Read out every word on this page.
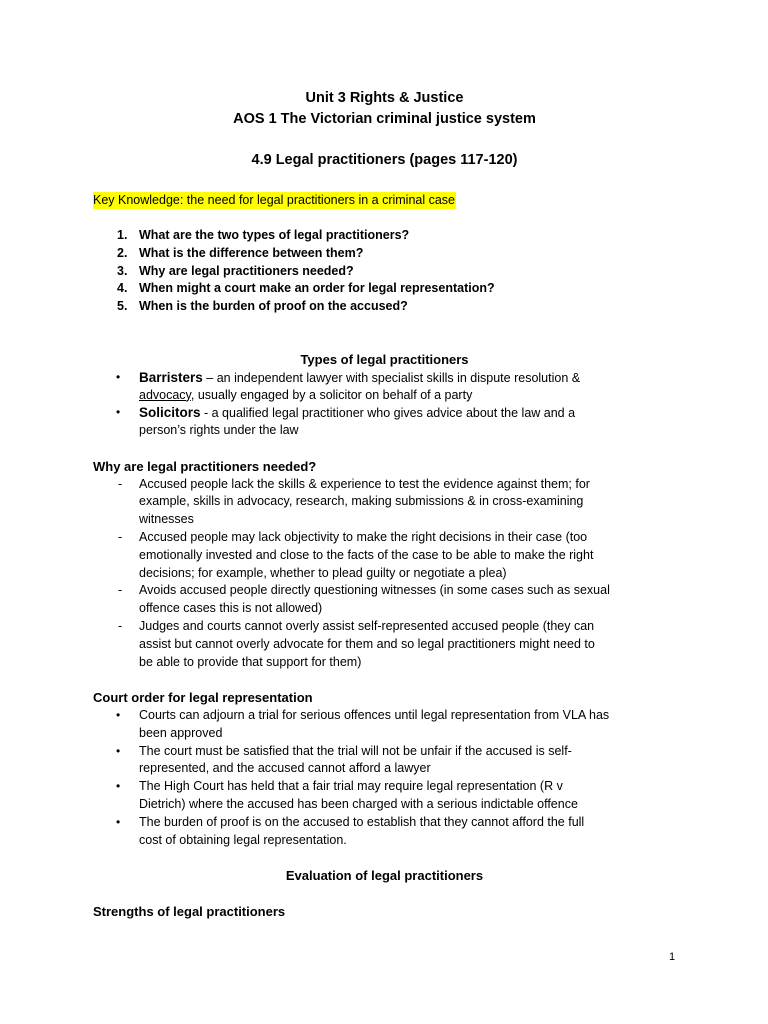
Unit 3 Rights & Justice
AOS 1 The Victorian criminal justice system
4.9 Legal practitioners (pages 117-120)
Key Knowledge: the need for legal practitioners in a criminal case
1. What are the two types of legal practitioners?
2. What is the difference between them?
3. Why are legal practitioners needed?
4. When might a court make an order for legal representation?
5. When is the burden of proof on the accused?
Types of legal practitioners
• Barristers – an independent lawyer with specialist skills in dispute resolution &
advocacy, usually engaged by a solicitor on behalf of a party
• Solicitors - a qualified legal practitioner who gives advice about the law and a
person’s rights under the law
Why are legal practitioners needed?
- Accused people lack the skills & experience to test the evidence against them; for
example, skills in advocacy, research, making submissions & in cross-examining
witnesses
- Accused people may lack objectivity to make the right decisions in their case (too
emotionally invested and close to the facts of the case to be able to make the right
decisions; for example, whether to plead guilty or negotiate a plea)
- Avoids accused people directly questioning witnesses (in some cases such as sexual
offence cases this is not allowed)
- Judges and courts cannot overly assist self-represented accused people (they can
assist but cannot overly advocate for them and so legal practitioners might need to
be able to provide that support for them)
Court order for legal representation
• Courts can adjourn a trial for serious offences until legal representation from VLA has
been approved
• The court must be satisfied that the trial will not be unfair if the accused is self-
represented, and the accused cannot afford a lawyer
• The High Court has held that a fair trial may require legal representation (R v
Dietrich) where the accused has been charged with a serious indictable offence
• The burden of proof is on the accused to establish that they cannot afford the full
cost of obtaining legal representation.
Evaluation of legal practitioners
Strengths of legal practitioners
1
